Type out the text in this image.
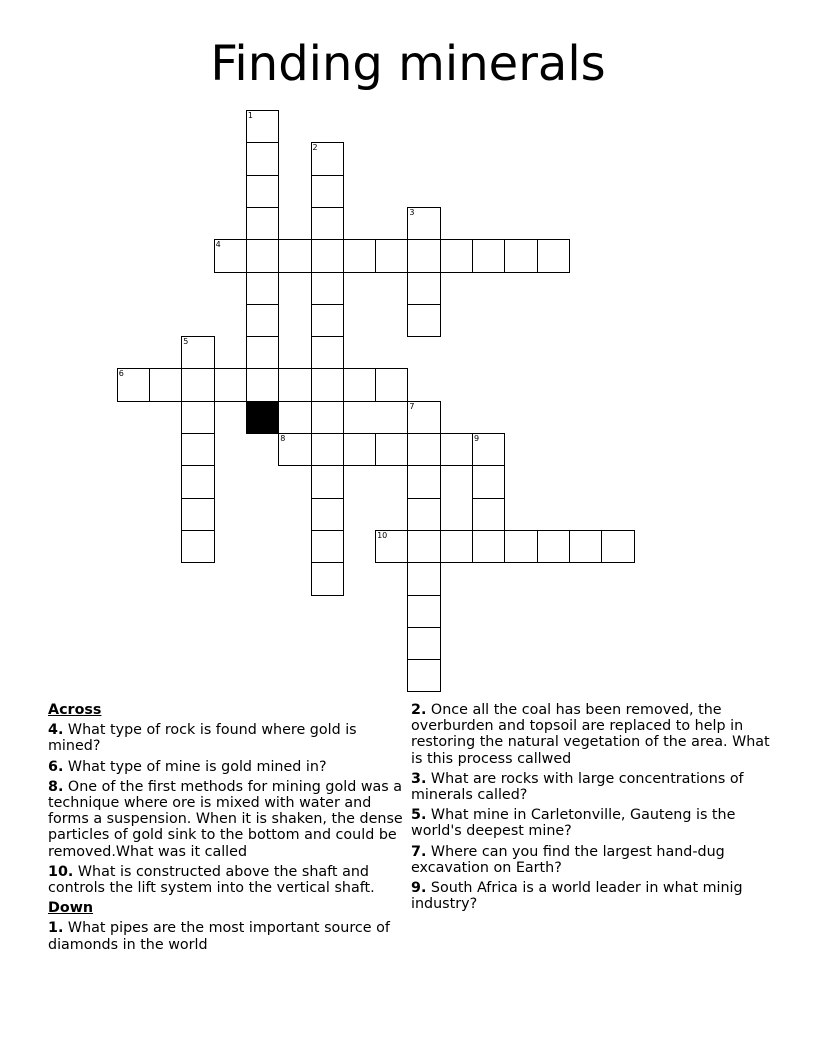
Finding minerals
1
2
3
4
5
6
7
8	9
10
Across
4. What type of rock is found where gold is mined?
6. What type of mine is gold mined in?
8. One of the first methods for mining gold was a technique where ore is mixed with water and forms a suspension. When it is shaken, the dense particles of gold sink to the bottom and could be removed.What was it called
10. What is constructed above the shaft and controls the lift system into the vertical shaft.
Down
1. What pipes are the most important source of diamonds in the world
2. Once all the coal has been removed, the overburden and topsoil are replaced to help in restoring the natural vegetation of the area. What is this process callwed
3. What are rocks with large concentrations of minerals called?
5. What mine in Carletonville, Gauteng is the world's deepest mine?
7. Where can you find the largest hand-dug excavation on Earth?
9. South Africa is a world leader in what minig industry?
